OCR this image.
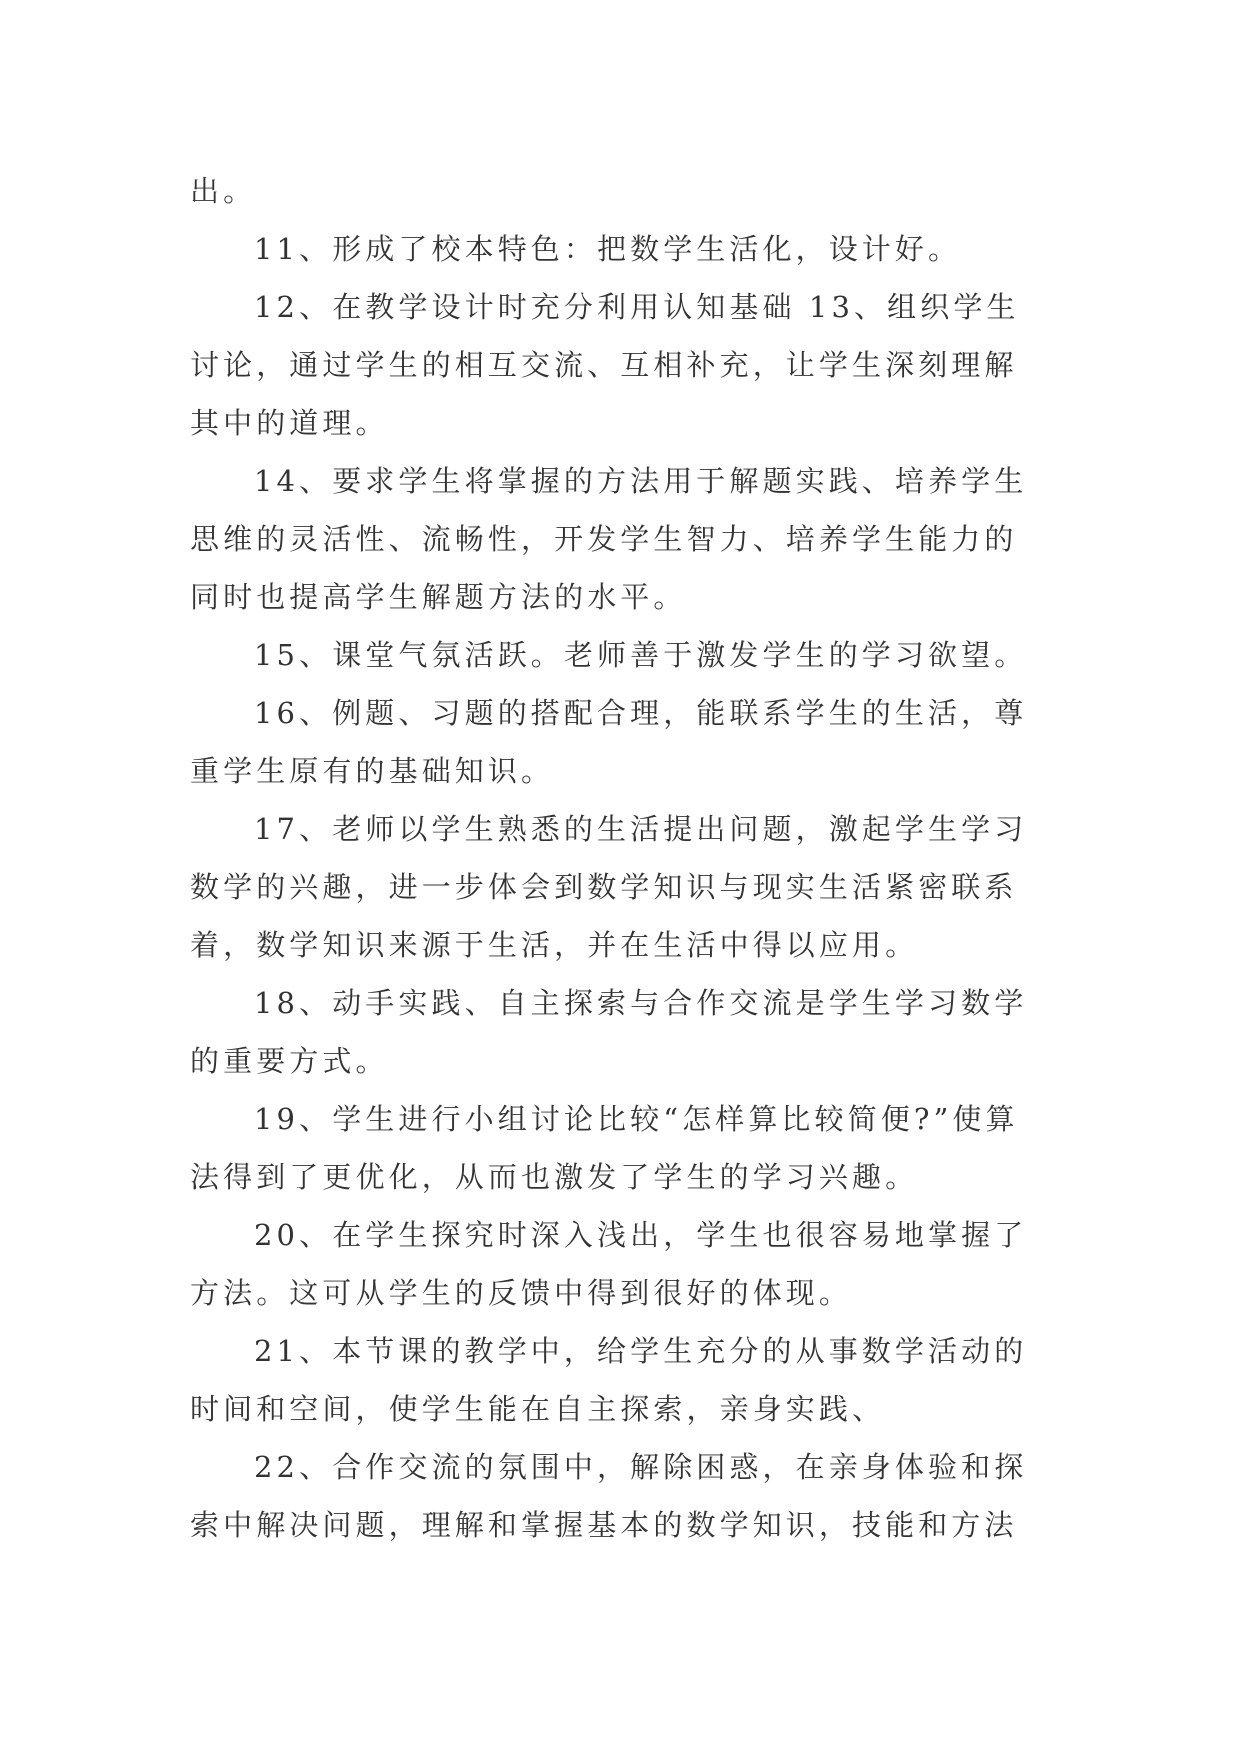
出。

11、形成了校本特色：把数学生活化，设计好。

12、在教学设计时充分利用认知基础 13、组织学生讨论，通过学生的相互交流、互相补充，让学生深刻理解其中的道理。

14、要求学生将掌握的方法用于解题实践、培养学生思维的灵活性、流畅性，开发学生智力、培养学生能力的同时也提高学生解题方法的水平。

15、课堂气氛活跃。老师善于激发学生的学习欲望。

16、例题、习题的搭配合理，能联系学生的生活，尊重学生原有的基础知识。

17、老师以学生熟悉的生活提出问题，激起学生学习数学的兴趣，进一步体会到数学知识与现实生活紧密联系着，数学知识来源于生活，并在生活中得以应用。

18、动手实践、自主探索与合作交流是学生学习数学的重要方式。

19、学生进行小组讨论比较“怎样算比较简便?”使算法得到了更优化，从而也激发了学生的学习兴趣。

20、在学生探究时深入浅出，学生也很容易地掌握了方法。这可从学生的反馈中得到很好的体现。

21、本节课的教学中，给学生充分的从事数学活动的时间和空间，使学生能在自主探索，亲身实践、

22、合作交流的氛围中，解除困惑，在亲身体验和探索中解决问题，理解和掌握基本的数学知识，技能和方法
